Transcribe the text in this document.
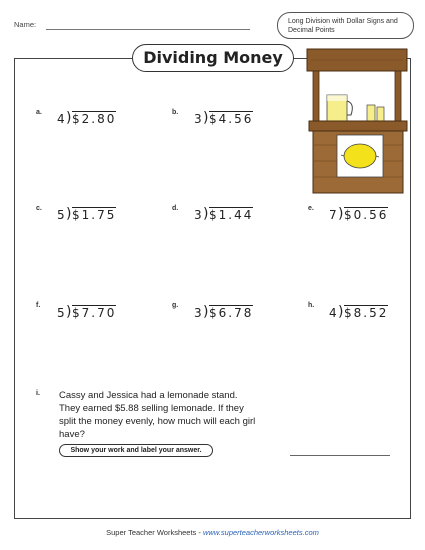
Name:	Long Division with Dollar Signs and Decimal Points
Dividing Money
a. 4 ) $2.80	b. 3 ) $4.56
c. 5 ) $1.75	d. 3 ) $1.44	e. 7 ) $0.56
f.
5 ) $7.70
g.
3 ) $6.78
h.
4 ) $8.52
i. Cassy and Jessica had a lemonade stand. They earned $5.88 selling lemonade. If they split the money evenly, how much will each girl have?
Show your work and label your answer.
Super Teacher Worksheets - www.superteacherworksheets.com
